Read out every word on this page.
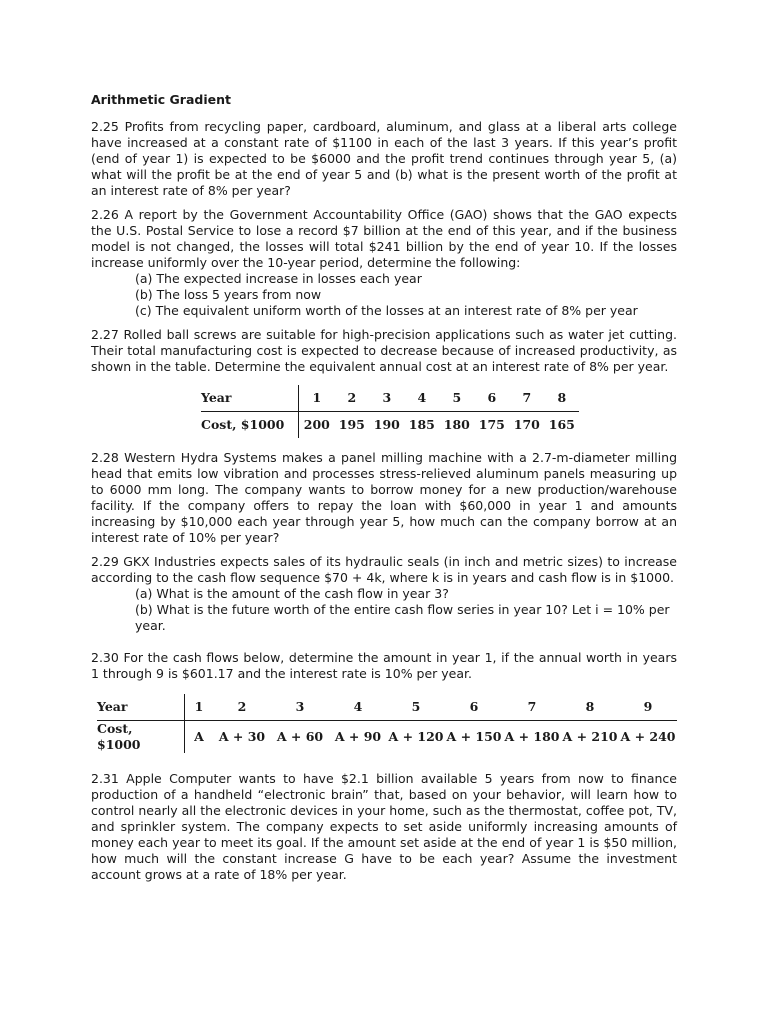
Arithmetic Gradient
2.25 Profits from recycling paper, cardboard, aluminum, and glass at a liberal arts college have increased at a constant rate of $1100 in each of the last 3 years. If this year’s profit (end of year 1) is expected to be $6000 and the profit trend continues through year 5, (a) what will the profit be at the end of year 5 and (b) what is the present worth of the profit at an interest rate of 8% per year?
2.26 A report by the Government Accountability Office (GAO) shows that the GAO expects the U.S. Postal Service to lose a record $7 billion at the end of this year, and if the business model is not changed, the losses will total $241 billion by the end of year 10. If the losses increase uniformly over the 10-year period, determine the following:
(a) The expected increase in losses each year
(b) The loss 5 years from now
(c) The equivalent uniform worth of the losses at an interest rate of 8% per year
2.27 Rolled ball screws are suitable for high-precision applications such as water jet cutting. Their total manufacturing cost is expected to decrease because of increased productivity, as shown in the table. Determine the equivalent annual cost at an interest rate of 8% per year.
Year	1	2	3	4	5	6	7	8
Cost, $1000	200	195	190	185	180	175	170	165
2.28 Western Hydra Systems makes a panel milling machine with a 2.7-m-diameter milling head that emits low vibration and processes stress-relieved aluminum panels measuring up to 6000 mm long. The company wants to borrow money for a new production/warehouse facility. If the company offers to repay the loan with $60,000 in year 1 and amounts increasing by $10,000 each year through year 5, how much can the company borrow at an interest rate of 10% per year?
2.29 GKX Industries expects sales of its hydraulic seals (in inch and metric sizes) to increase according to the cash flow sequence $70 + 4k, where k is in years and cash flow is in $1000.
(a) What is the amount of the cash flow in year 3?
(b) What is the future worth of the entire cash flow series in year 10? Let i = 10% per year.
2.30 For the cash flows below, determine the amount in year 1, if the annual worth in years 1 through 9 is $601.17 and the interest rate is 10% per year.
Year	1	2	3	4	5	6	7	8	9
Cost, $1000	A	A + 30	A + 60	A + 90	A + 120	A + 150	A + 180	A + 210	A + 240
2.31 Apple Computer wants to have $2.1 billion available 5 years from now to finance production of a handheld “electronic brain” that, based on your behavior, will learn how to control nearly all the electronic devices in your home, such as the thermostat, coffee pot, TV, and sprinkler system. The company expects to set aside uniformly increasing amounts of money each year to meet its goal. If the amount set aside at the end of year 1 is $50 million, how much will the constant increase G have to be each year? Assume the investment account grows at a rate of 18% per year.
